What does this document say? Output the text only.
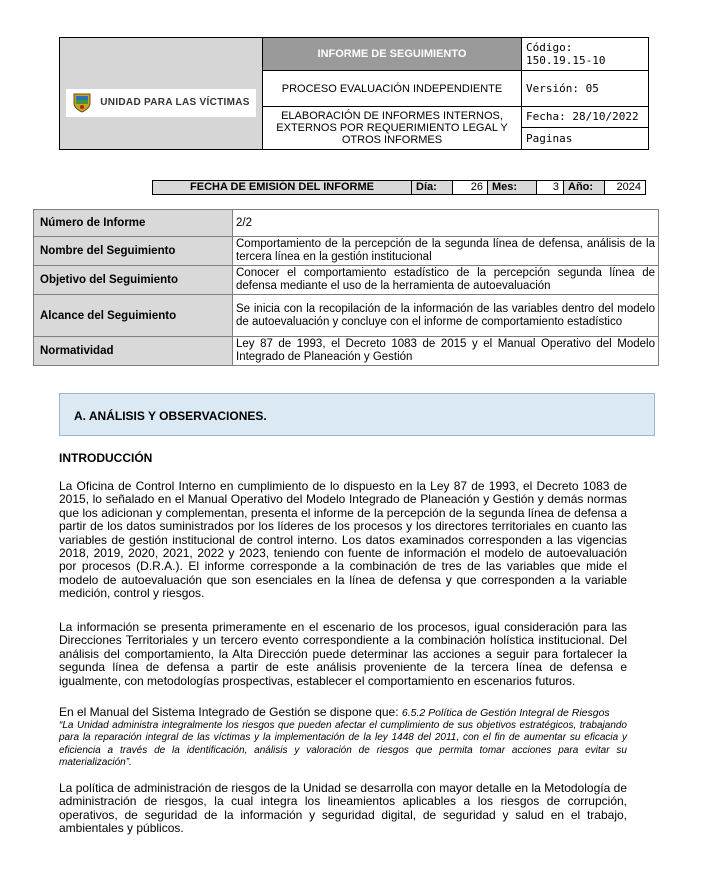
UNIDAD PARA LAS VÍCTIMAS	INFORME DE SEGUIMIENTO	Código: 150.19.15-10
	PROCESO EVALUACIÓN INDEPENDIENTE	Versión: 05
	ELABORACIÓN DE INFORMES INTERNOS, EXTERNOS POR REQUERIMIENTO LEGAL Y OTROS INFORMES	Fecha: 28/10/2022
Paginas
FECHA DE EMISIÓN DEL INFORME	Día:	26	Mes:	3	Año:	2024
Número de Informe	2/2
Nombre del Seguimiento	Comportamiento de la percepción de la segunda línea de defensa, análisis de la tercera línea en la gestión institucional
Objetivo del Seguimiento	Conocer el comportamiento estadístico de la percepción segunda línea de defensa mediante el uso de la herramienta de autoevaluación
Alcance del Seguimiento	Se inicia con la recopilación de la información de las variables dentro del modelo de autoevaluación y concluye con el informe de comportamiento estadístico
Normatividad	Ley 87 de 1993, el Decreto 1083 de 2015 y el Manual Operativo del Modelo Integrado de Planeación y Gestión
A. ANÁLISIS Y OBSERVACIONES.
INTRODUCCIÓN
La Oficina de Control Interno en cumplimiento de lo dispuesto en la Ley 87 de 1993, el Decreto 1083 de 2015, lo señalado en el Manual Operativo del Modelo Integrado de Planeación y Gestión y demás normas que los adicionan y complementan, presenta el informe de la percepción de la segunda línea de defensa a partir de los datos suministrados por los líderes de los procesos y los directores territoriales en cuanto las variables de gestión institucional de control interno. Los datos examinados corresponden a las vigencias 2018, 2019, 2020, 2021, 2022 y 2023, teniendo con fuente de información el modelo de autoevaluación por procesos (D.R.A.). El informe corresponde a la combinación de tres de las variables que mide el modelo de autoevaluación que son esenciales en la línea de defensa y que corresponden a la variable medición, control y riesgos.
La información se presenta primeramente en el escenario de los procesos, igual consideración para las Direcciones Territoriales y un tercero evento correspondiente a la combinación holística institucional. Del análisis del comportamiento, la Alta Dirección puede determinar las acciones a seguir para fortalecer la segunda línea de defensa a partir de este análisis proveniente de la tercera línea de defensa e igualmente, con metodologías prospectivas, establecer el comportamiento en escenarios futuros.
En el Manual del Sistema Integrado de Gestión se dispone que: 6.5.2 Política de Gestión Integral de Riesgos
“La Unidad administra integralmente los riesgos que pueden afectar el cumplimiento de sus objetivos estratégicos, trabajando para la reparación integral de las víctimas y la implementación de la ley 1448 del 2011, con el fin de aumentar su eficacia y eficiencia a través de la identificación, análisis y valoración de riesgos que permita tomar acciones para evitar su materialización”.
La política de administración de riesgos de la Unidad se desarrolla con mayor detalle en la Metodología de administración de riesgos, la cual integra los lineamientos aplicables a los riesgos de corrupción, operativos, de seguridad de la información y seguridad digital, de seguridad y salud en el trabajo, ambientales y públicos.
